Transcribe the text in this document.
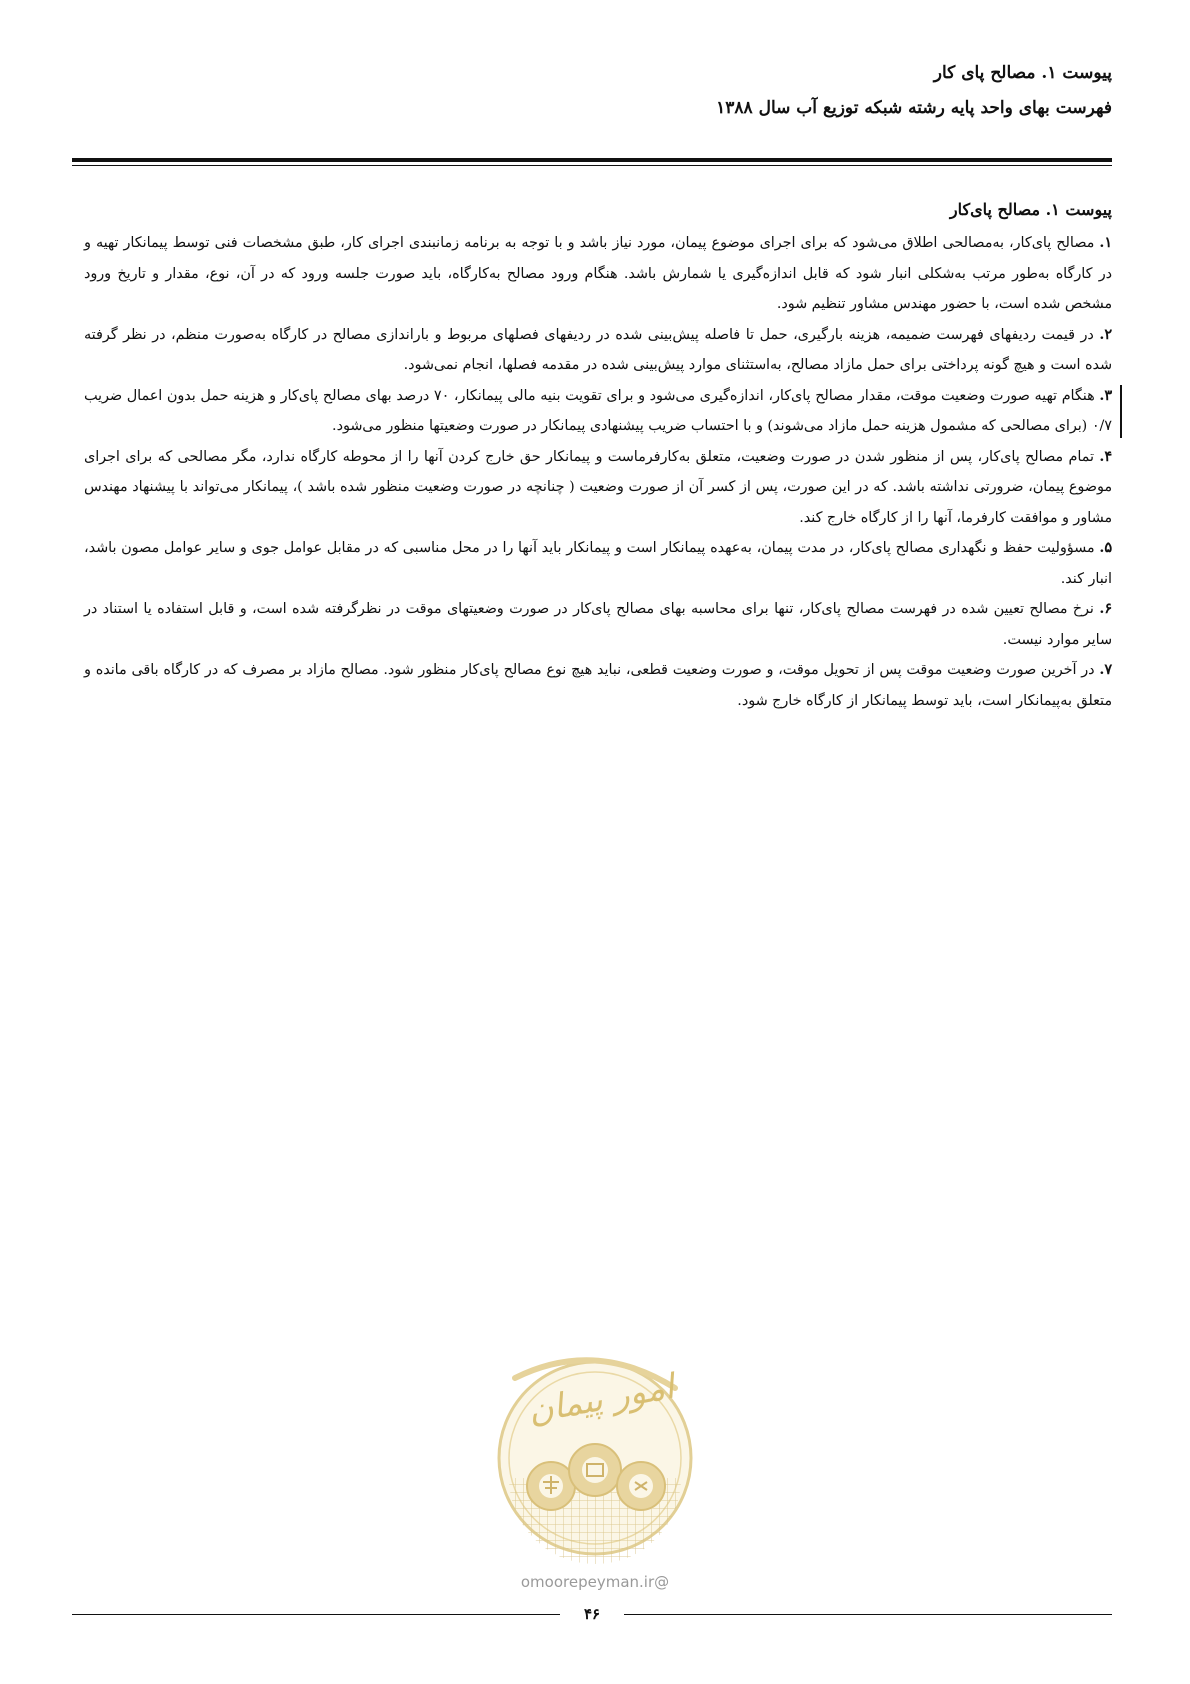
پیوست ۱. مصالح پای کار
فهرست بهای واحد پایه رشته شبکه توزیع آب سال ۱۳۸۸
پیوست ۱. مصالح پای‌کار

۱. مصالح پای‌کار، به‌مصالحی اطلاق می‌شود که برای اجرای موضوع پیمان، مورد نیاز باشد و با توجه به برنامه زمانبندی اجرای کار، طبق مشخصات فنی توسط پیمانکار تهیه و در کارگاه به‌طور مرتب به‌شکلی انبار شود که قابل اندازه‌گیری یا شمارش باشد. هنگام ورود مصالح به‌کارگاه، باید صورت جلسه ورود که در آن، نوع، مقدار و تاریخ ورود مشخص شده است، با حضور مهندس مشاور تنظیم شود.

۲. در قیمت ردیفهای فهرست ضمیمه، هزینه بارگیری، حمل تا فاصله پیش‌بینی شده در ردیفهای فصلهای مربوط و باراندازی مصالح در کارگاه به‌صورت منظم، در نظر گرفته شده است و هیچ گونه پرداختی برای حمل مازاد مصالح، به‌استثنای موارد پیش‌بینی شده در مقدمه فصلها، انجام نمی‌شود.

۳. هنگام تهیه صورت وضعیت موقت، مقدار مصالح پای‌کار، اندازه‌گیری می‌شود و برای تقویت بنیه مالی پیمانکار، ۷۰ درصد بهای مصالح پای‌کار و هزینه حمل بدون اعمال ضریب ۰/۷ (برای مصالحی که مشمول هزینه حمل مازاد می‌شوند) و با احتساب ضریب پیشنهادی پیمانکار در صورت وضعیتها منظور می‌شود.

۴. تمام مصالح پای‌کار، پس از منظور شدن در صورت وضعیت، متعلق به‌کارفرماست و پیمانکار حق خارج کردن آنها را از محوطه کارگاه ندارد، مگر مصالحی که برای اجرای موضوع پیمان، ضرورتی نداشته باشد. که در این صورت، پس از کسر آن از صورت وضعیت ( چنانچه در صورت وضعیت منظور شده باشد )، پیمانکار می‌تواند با پیشنهاد مهندس مشاور و موافقت کارفرما، آنها را از کارگاه خارج کند.

۵. مسؤولیت حفظ و نگهداری مصالح پای‌کار، در مدت پیمان، به‌عهده پیمانکار است و پیمانکار باید آنها را در محل مناسبی که در مقابل عوامل جوی و سایر عوامل مصون باشد، انبار کند.

۶. نرخ مصالح تعیین شده در فهرست مصالح پای‌کار، تنها برای محاسبه بهای مصالح پای‌کار در صورت وضعیتهای موقت در نظرگرفته شده است، و قابل استفاده یا استناد در سایر موارد نیست.

۷. در آخرین صورت وضعیت موقت پس از تحویل موقت، و صورت وضعیت قطعی، نباید هیچ نوع مصالح پای‌کار منظور شود. مصالح مازاد بر مصرف که در کارگاه باقی مانده و متعلق به‌پیمانکار است، باید توسط پیمانکار از کارگاه خارج شود.

امور پیمان
@omoorepeyman.ir
۴۶
